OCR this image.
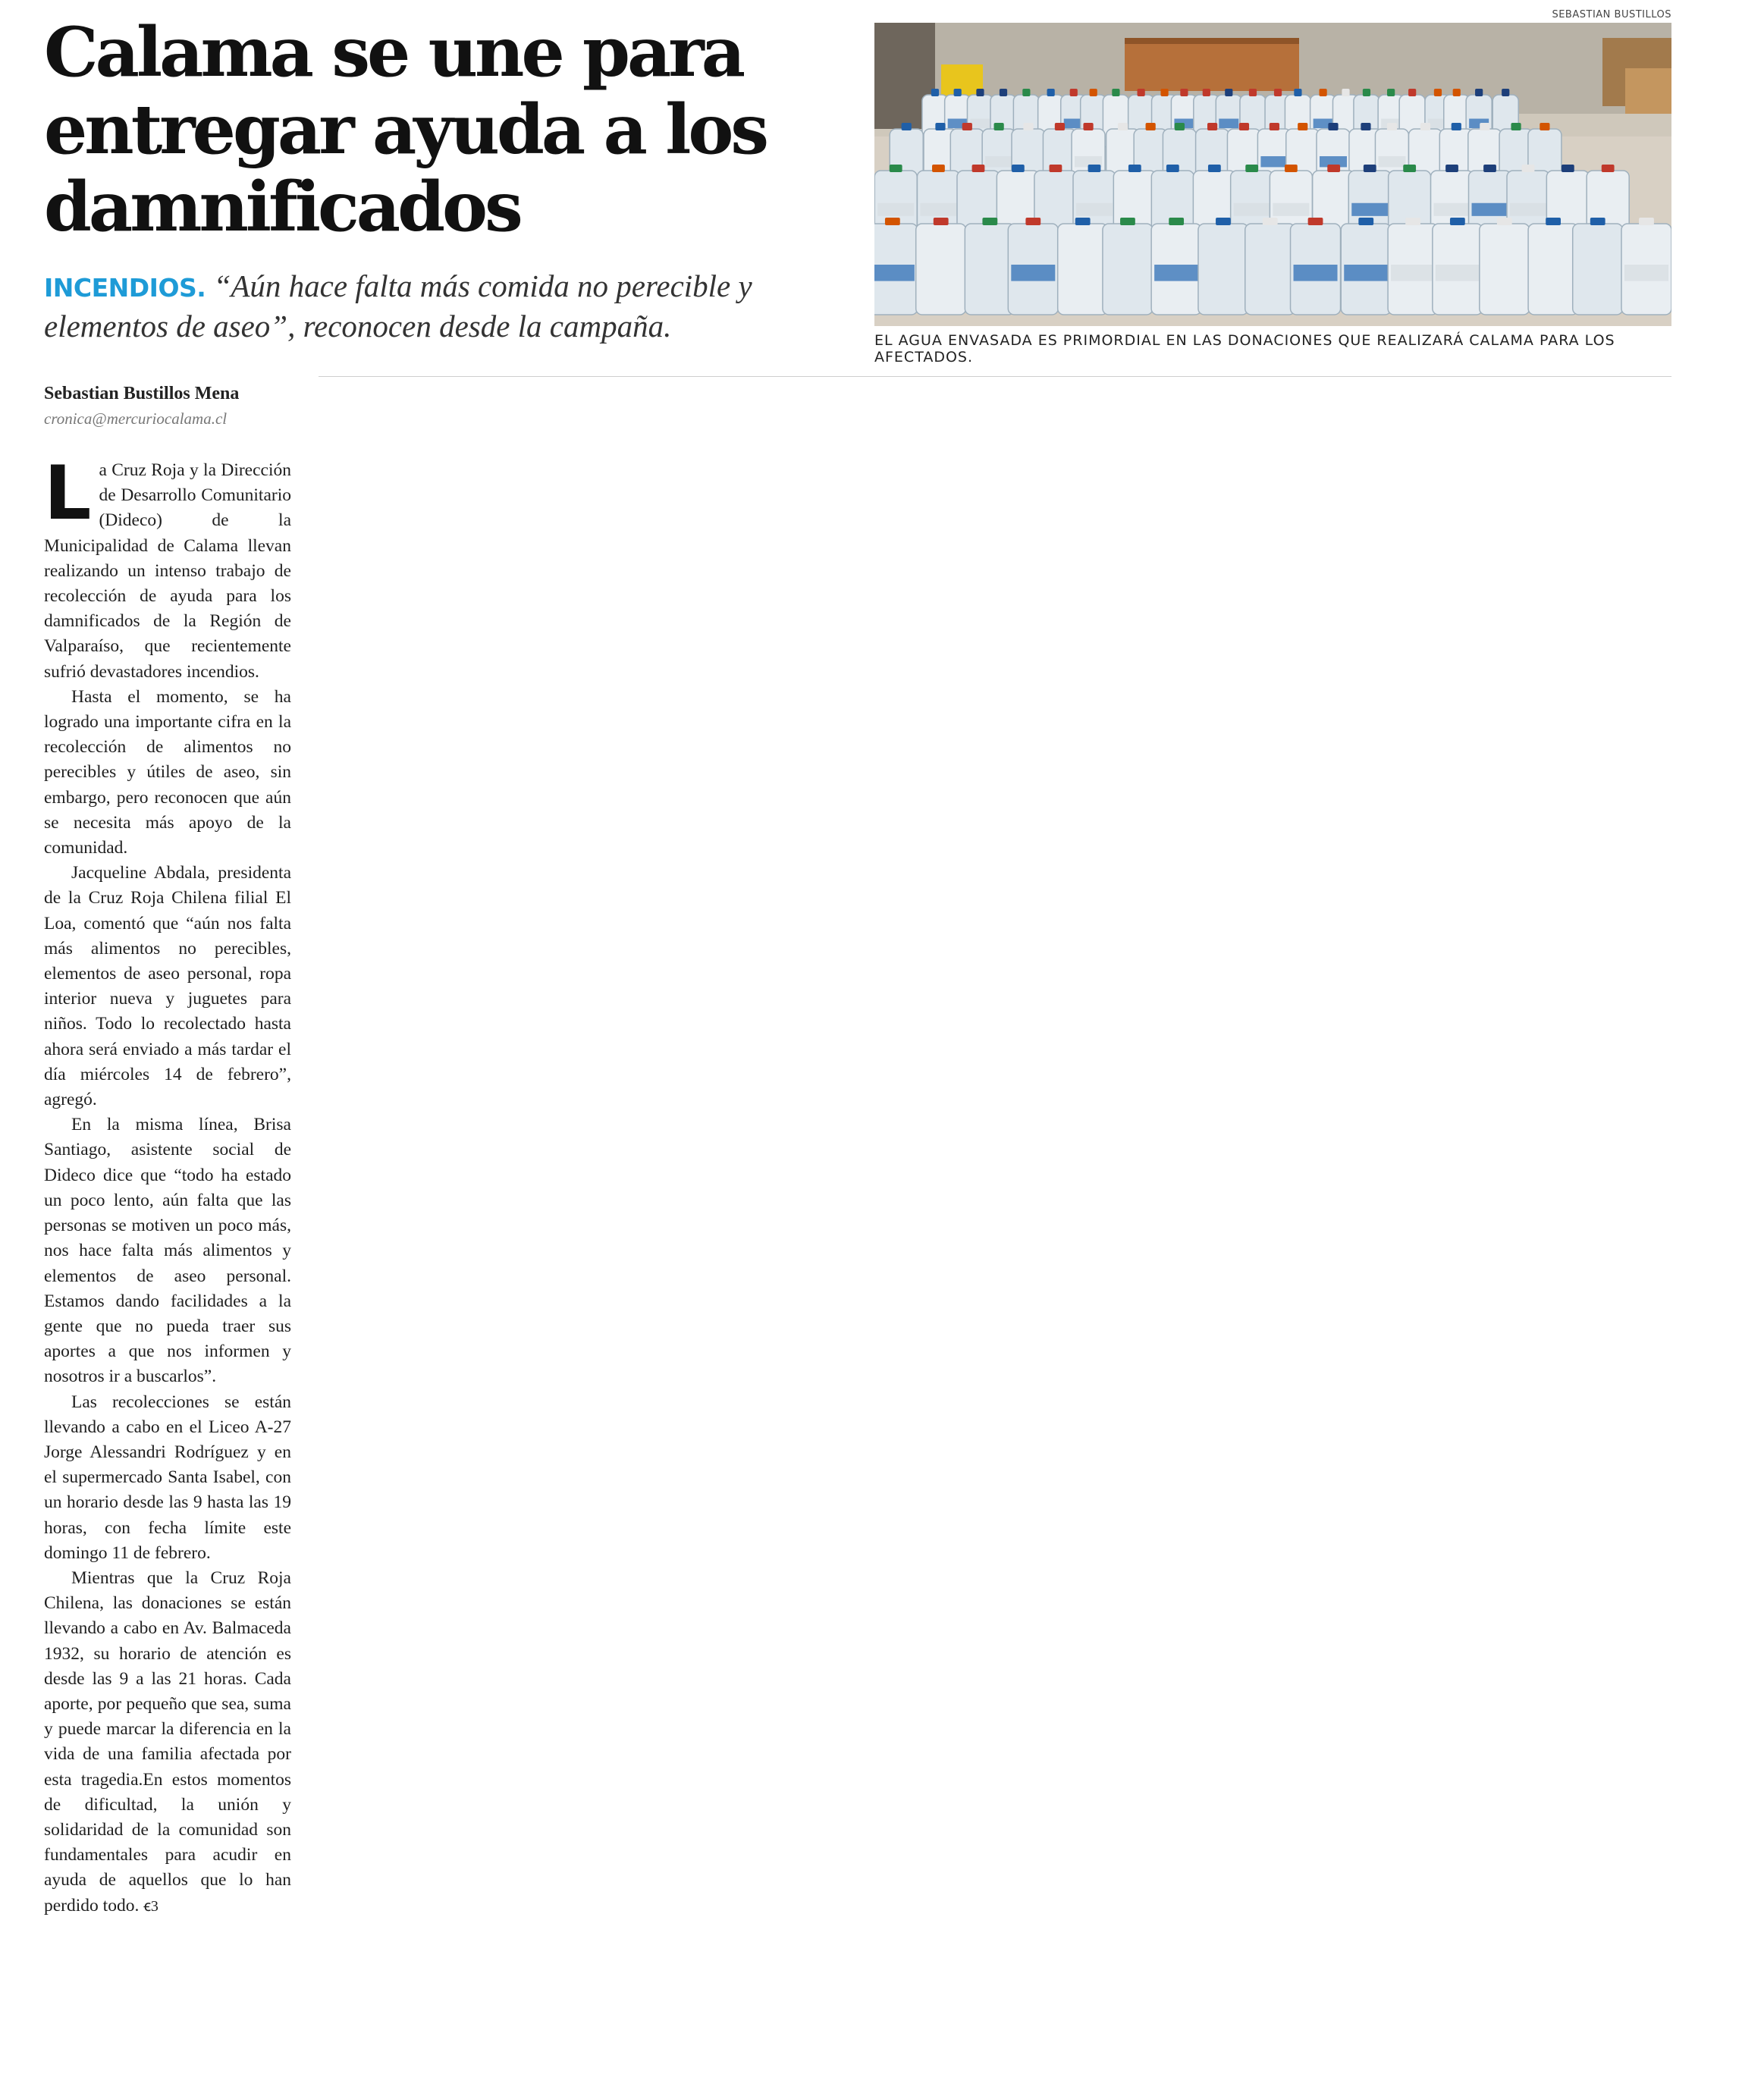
Calama se une para
entregar ayuda a los
damnificados
INCENDIOS. “Aún hace falta más comida no perecible y elementos de aseo”, reconocen desde la campaña.
SEBASTIAN BUSTILLOS
EL AGUA ENVASADA ES PRIMORDIAL EN LAS DONACIONES QUE REALIZARÁ CALAMA PARA LOS AFECTADOS.
Sebastian Bustillos Mena
cronica@mercuriocalama.cl

La Cruz Roja y la Dirección de Desarrollo Comunitario (Dideco) de la Municipalidad de Calama llevan realizando un intenso trabajo de recolección de ayuda para los damnificados de la Región de Valparaíso, que recientemente sufrió devastadores incendios.

Hasta el momento, se ha logrado una importante cifra en la recolección de alimentos no perecibles y útiles de aseo, sin embargo, pero reconocen que aún se necesita más apoyo de la comunidad.

Jacqueline Abdala, presidenta de la Cruz Roja Chilena filial El Loa, comentó que “aún nos falta más alimentos no perecibles, elementos de aseo personal, ropa interior nueva y juguetes para niños. Todo lo recolectado hasta ahora será enviado a más tardar el día miércoles 14 de febrero”, agregó.

En la misma línea, Brisa Santiago, asistente social de Dideco dice que “todo ha estado un poco lento, aún falta que las personas se motiven un poco más, nos hace falta más alimentos y elementos de aseo personal. Estamos dando facilidades a la gente que no pueda traer sus aportes a que nos informen y nosotros ir a buscarlos”.

Las recolecciones se están llevando a cabo en el Liceo A-27 Jorge Alessandri Rodríguez y en el supermercado Santa Isabel, con un horario desde las 9 hasta las 19 horas, con fecha límite este domingo 11 de febrero.

Mientras que la Cruz Roja Chilena, las donaciones se están llevando a cabo en Av. Balmaceda 1932, su horario de atención es desde las 9 a las 21 horas. Cada aporte, por pequeño que sea, suma y puede marcar la diferencia en la vida de una familia afectada por esta tragedia.En estos momentos de dificultad, la unión y solidaridad de la comunidad son fundamentales para acudir en ayuda de aquellos que lo han perdido todo. ꞓ3
